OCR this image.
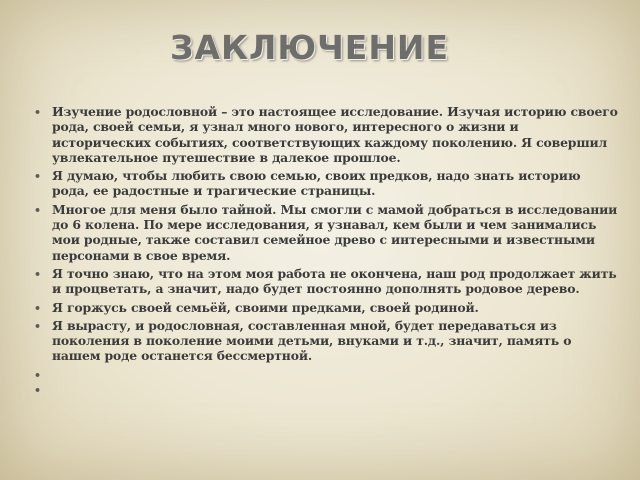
ЗАКЛЮЧЕНИЕ
• Изучение родословной – это настоящее исследование. Изучая историю своего рода, своей семьи, я узнал много нового, интересного о жизни и исторических событиях, соответствующих каждому поколению. Я совершил увлекательное путешествие в далекое прошлое.
• Я думаю, чтобы любить свою семью, своих предков, надо знать историю рода, ее радостные и трагические страницы.
• Многое для меня было тайной. Мы смогли с мамой добраться в исследовании до 6 колена. По мере исследования, я узнавал, кем были и чем занимались мои родные, также составил семейное древо с интересными и известными персонами в свое время.
• Я точно знаю, что на этом моя работа не окончена, наш род продолжает жить и процветать, а значит, надо будет постоянно дополнять родовое дерево.
• Я горжусь своей семьёй, своими предками, своей родиной.
• Я вырасту, и родословная, составленная мной, будет передаваться из поколения в поколение моими детьми, внуками и т.д., значит, память о нашем роде останется бессмертной.
•
•
